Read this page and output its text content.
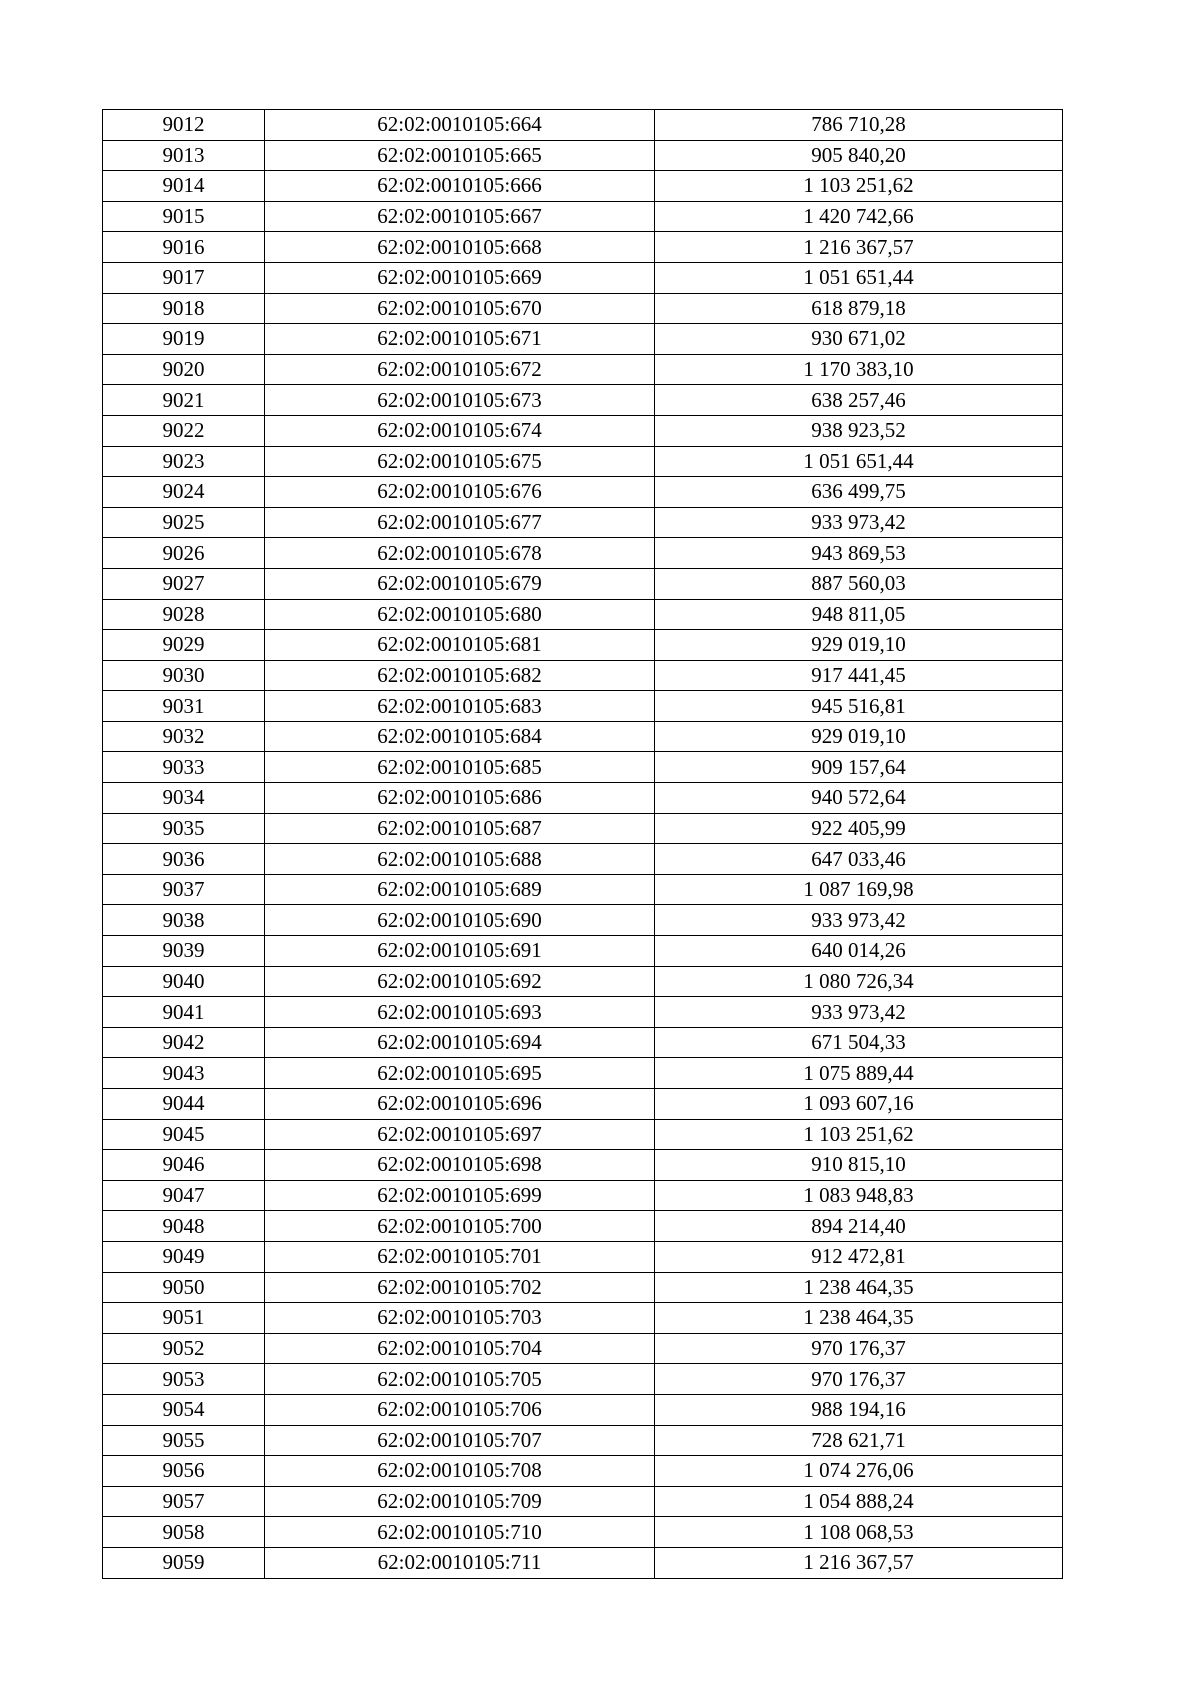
9012	62:02:0010105:664	786 710,28
9013	62:02:0010105:665	905 840,20
9014	62:02:0010105:666	1 103 251,62
9015	62:02:0010105:667	1 420 742,66
9016	62:02:0010105:668	1 216 367,57
9017	62:02:0010105:669	1 051 651,44
9018	62:02:0010105:670	618 879,18
9019	62:02:0010105:671	930 671,02
9020	62:02:0010105:672	1 170 383,10
9021	62:02:0010105:673	638 257,46
9022	62:02:0010105:674	938 923,52
9023	62:02:0010105:675	1 051 651,44
9024	62:02:0010105:676	636 499,75
9025	62:02:0010105:677	933 973,42
9026	62:02:0010105:678	943 869,53
9027	62:02:0010105:679	887 560,03
9028	62:02:0010105:680	948 811,05
9029	62:02:0010105:681	929 019,10
9030	62:02:0010105:682	917 441,45
9031	62:02:0010105:683	945 516,81
9032	62:02:0010105:684	929 019,10
9033	62:02:0010105:685	909 157,64
9034	62:02:0010105:686	940 572,64
9035	62:02:0010105:687	922 405,99
9036	62:02:0010105:688	647 033,46
9037	62:02:0010105:689	1 087 169,98
9038	62:02:0010105:690	933 973,42
9039	62:02:0010105:691	640 014,26
9040	62:02:0010105:692	1 080 726,34
9041	62:02:0010105:693	933 973,42
9042	62:02:0010105:694	671 504,33
9043	62:02:0010105:695	1 075 889,44
9044	62:02:0010105:696	1 093 607,16
9045	62:02:0010105:697	1 103 251,62
9046	62:02:0010105:698	910 815,10
9047	62:02:0010105:699	1 083 948,83
9048	62:02:0010105:700	894 214,40
9049	62:02:0010105:701	912 472,81
9050	62:02:0010105:702	1 238 464,35
9051	62:02:0010105:703	1 238 464,35
9052	62:02:0010105:704	970 176,37
9053	62:02:0010105:705	970 176,37
9054	62:02:0010105:706	988 194,16
9055	62:02:0010105:707	728 621,71
9056	62:02:0010105:708	1 074 276,06
9057	62:02:0010105:709	1 054 888,24
9058	62:02:0010105:710	1 108 068,53
9059	62:02:0010105:711	1 216 367,57
